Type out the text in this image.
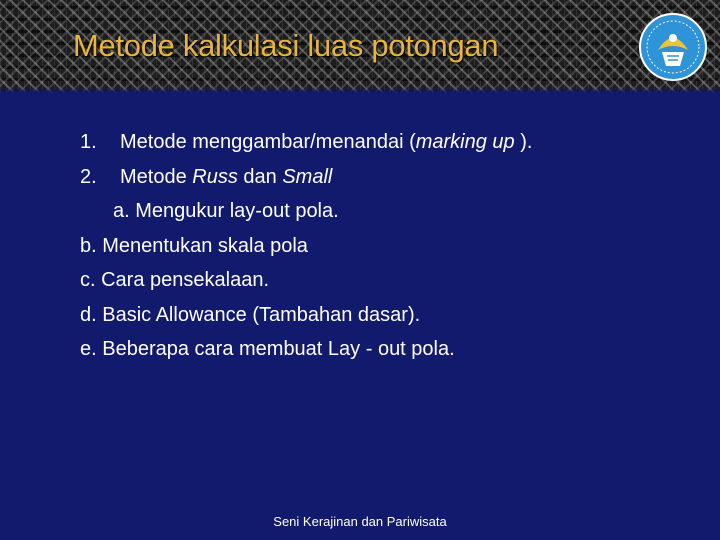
Metode kalkulasi luas potongan
1. Metode menggambar/menandai (marking up ).
2. Metode Russ dan Small
a. Mengukur lay-out pola.
b. Menentukan skala pola
c. Cara pensekalaan.
d. Basic Allowance (Tambahan dasar).
e. Beberapa cara membuat Lay - out pola.
Seni Kerajinan dan Pariwisata
